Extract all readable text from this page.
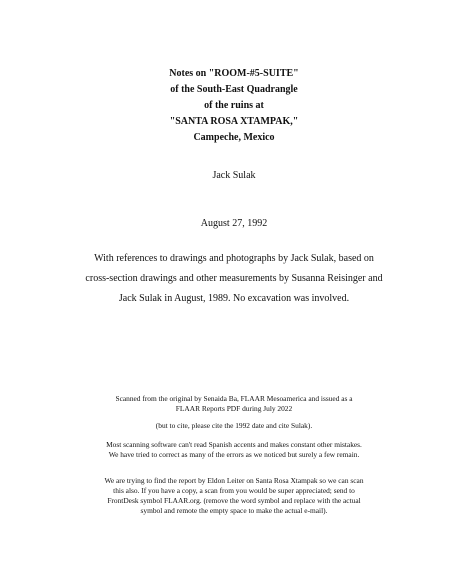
Notes on "ROOM-#5-SUITE"
of the South-East Quadrangle
of the ruins at
"SANTA ROSA XTAMPAK,"
Campeche, Mexico

Jack Sulak

August 27, 1992

With references to drawings and photographs by Jack Sulak, based on
cross-section drawings and other measurements by Susanna Reisinger and
Jack Sulak in August, 1989. No excavation was involved.
Scanned from the original by Senaida Ba, FLAAR Mesoamerica and issued as a
FLAAR Reports PDF during July 2022
(but to cite, please cite the 1992 date and cite Sulak).
Most scanning software can't read Spanish accents and makes constant other mistakes.
We have tried to correct as many of the errors as we noticed but surely a few remain.
We are trying to find the report by Eldon Leiter on Santa Rosa Xtampak so we can scan
this also. If you have a copy, a scan from you would be super appreciated; send to
FrontDesk symbol FLAAR.org. (remove the word symbol and replace with the actual
symbol and remote the empty space to make the actual e-mail).
